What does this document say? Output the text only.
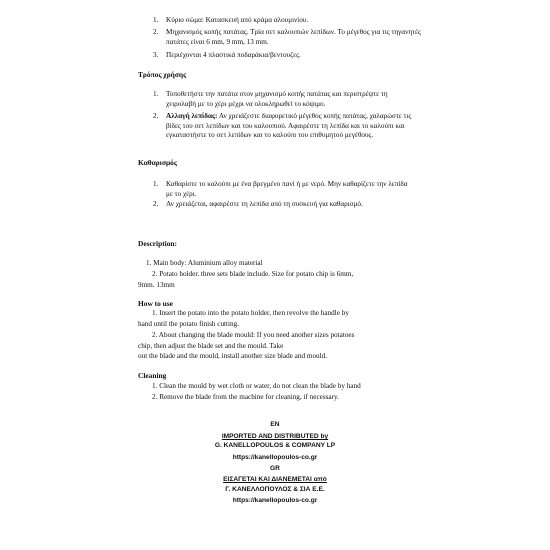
1. Κύριο σώμα: Κατασκευή από κράμα αλουμινίου.
2. Μηχανισμός κοπής πατάτας. Τρία σετ καλουπιών λεπίδων. Το μέγεθος για τις τηγανητές πατάτες είναι 6 mm, 9 mm, 13 mm.
3. Περιέχονται 4 πλαστικά ποδαράκια/βεντουζες.
Τρόπος χρήσης
1. Τοποθετήστε την πατάτα στον μηχανισμό κοπής πατάτας και περιστρέψτε τη χειρολαβή με το χέρι μέχρι να ολοκληρωθεί το κόψιμο.
2. Αλλαγή λεπίδας: Αν χρειάζεστε διαφορετικό μέγεθος κοπής πατάτας, χαλαρώστε τις βίδες του σετ λεπίδων και του καλουπιού. Αφαιρέστε τη λεπίδα και το καλούπι και εγκαταστήστε το σετ λεπίδων και το καλούπι του επιθυμητού μεγέθους.
Καθαρισμός
1. Καθαρίστε το καλούπι με ένα βρεγμένο πανί ή με νερό. Μην καθαρίζετε την λεπίδα με το χέρι.
2. Αν χρειάζεται, αφαιρέστε τη λεπίδα από τη συσκευή για καθαρισμό.
Description:
1. Main body: Aluminium alloy material
2. Potato holder. three sets blade include. Size for potato chip is 6mm,
9mm. 13mm
How to use
1. Insert the potato into the potato holder, then revolve the handle by
hand until the potato finish cutting.
2. About changing the blade mould: If you need another sizes potatoes
chip, then adjust the blade set and the mould. Take
out the blade and the mould, install another size blade and mould.
Cleaning
1. Clean the mould by wet cloth or water, do not clean the blade by hand
2. Remove the blade from the machine for cleaning, if necessary.
EN
IMPORTED AND DISTRIBUTED by
G. KANELLOPOULOS & COMPANY LP
https://kanellopoulos-co.gr
GR
ΕΙΣΑΓΕΤΑΙ ΚΑΙ ΔΙΑΝΕΜΕΤΑΙ από
Γ. ΚΑΝΕΛΛΟΠΟΥΛΟΣ & ΣΙΑ Ε.Ε.
https://kanellopoulos-co.gr
